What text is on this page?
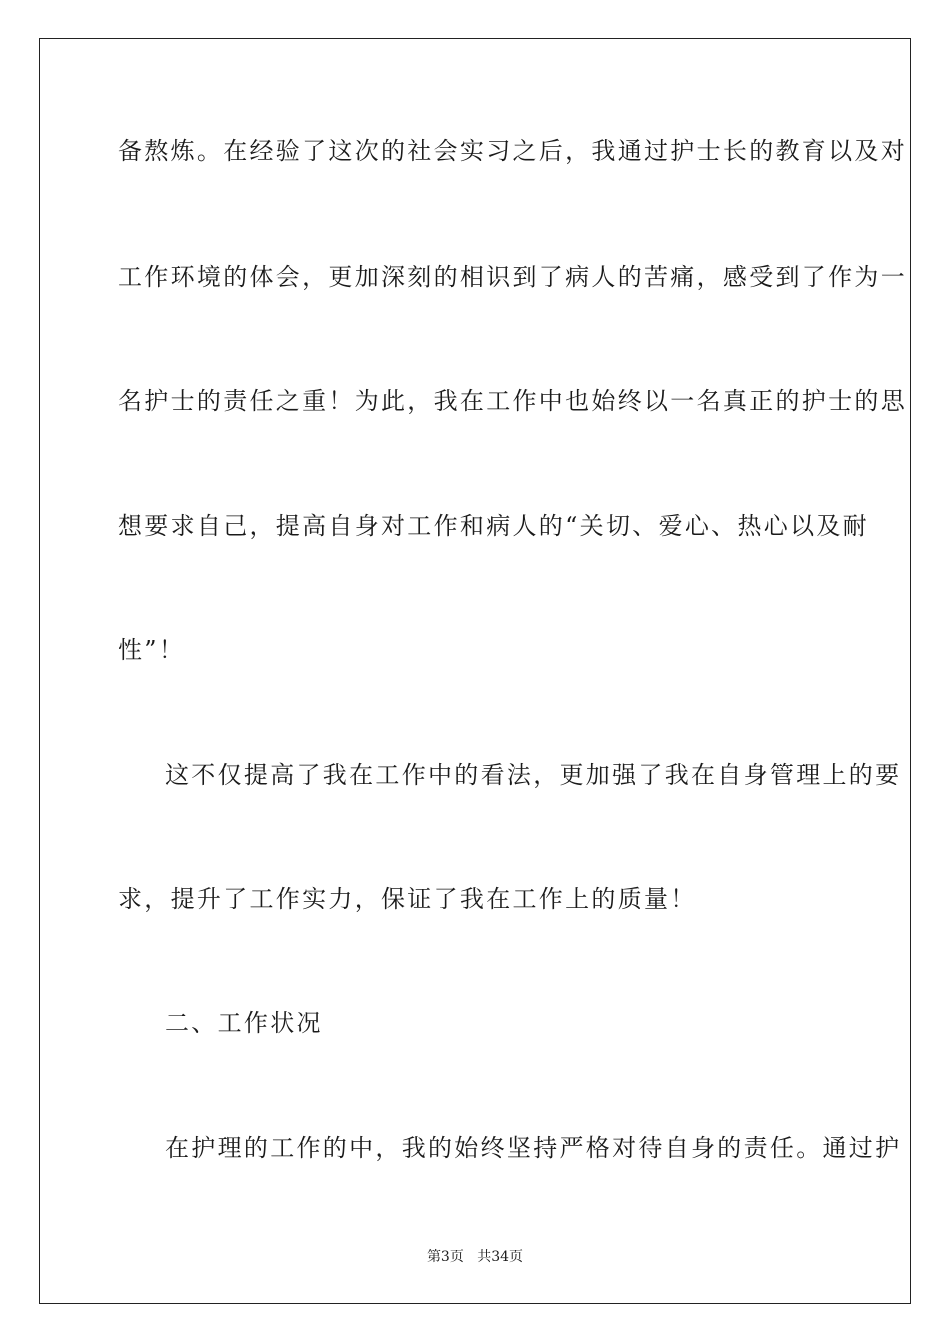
备熬炼。在经验了这次的社会实习之后，我通过护士长的教育以及对
工作环境的体会，更加深刻的相识到了病人的苦痛，感受到了作为一
名护士的责任之重！为此，我在工作中也始终以一名真正的护士的思
想要求自己，提高自身对工作和病人的“关切、爱心、热心以及耐
性”！
这不仅提高了我在工作中的看法，更加强了我在自身管理上的要
求，提升了工作实力，保证了我在工作上的质量！
二、工作状况
在护理的工作的中，我的始终坚持严格对待自身的责任。通过护
第3页 共34页
